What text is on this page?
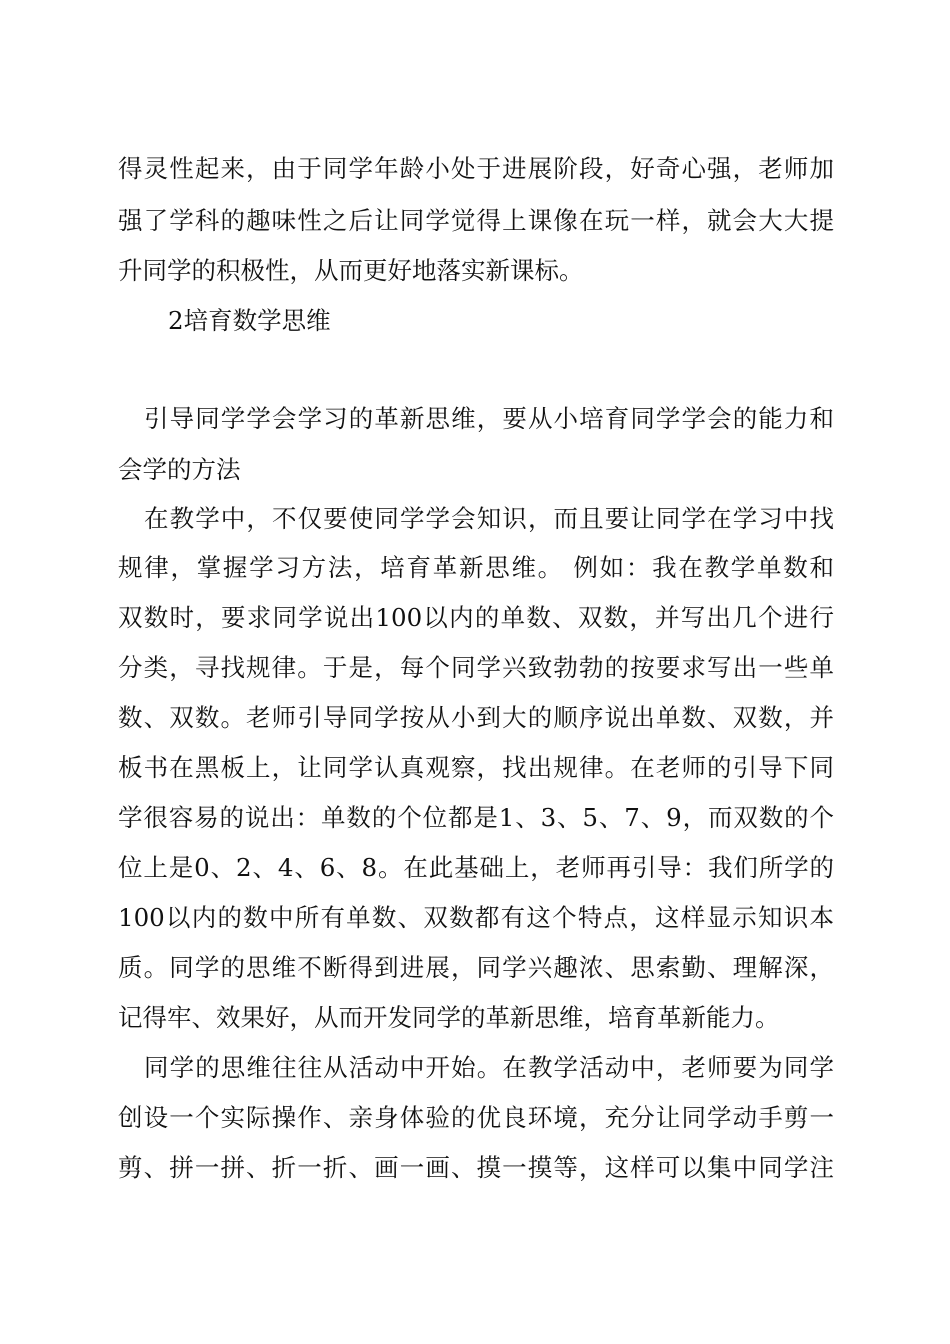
得灵性起来，由于同学年龄小处于进展阶段，好奇心强，老师加
强了学科的趣味性之后让同学觉得上课像在玩一样，就会大大提
升同学的积极性，从而更好地落实新课标。
2培育数学思维
引导同学学会学习的革新思维，要从小培育同学学会的能力和
会学的方法
在教学中，不仅要使同学学会知识，而且要让同学在学习中找
规律，掌握学习方法，培育革新思维。 例如：我在教学单数和
双数时，要求同学说出100以内的单数、双数，并写出几个进行
分类，寻找规律。于是，每个同学兴致勃勃的按要求写出一些单
数、双数。老师引导同学按从小到大的顺序说出单数、双数，并
板书在黑板上，让同学认真观察，找出规律。在老师的引导下同
学很容易的说出：单数的个位都是1、3、5、7、9，而双数的个
位上是0、2、4、6、8。在此基础上，老师再引导：我们所学的
100以内的数中所有单数、双数都有这个特点，这样显示知识本
质。同学的思维不断得到进展，同学兴趣浓、思索勤、理解深，
记得牢、效果好，从而开发同学的革新思维，培育革新能力。
同学的思维往往从活动中开始。在教学活动中，老师要为同学
创设一个实际操作、亲身体验的优良环境，充分让同学动手剪一
剪、拼一拼、折一折、画一画、摸一摸等，这样可以集中同学注
